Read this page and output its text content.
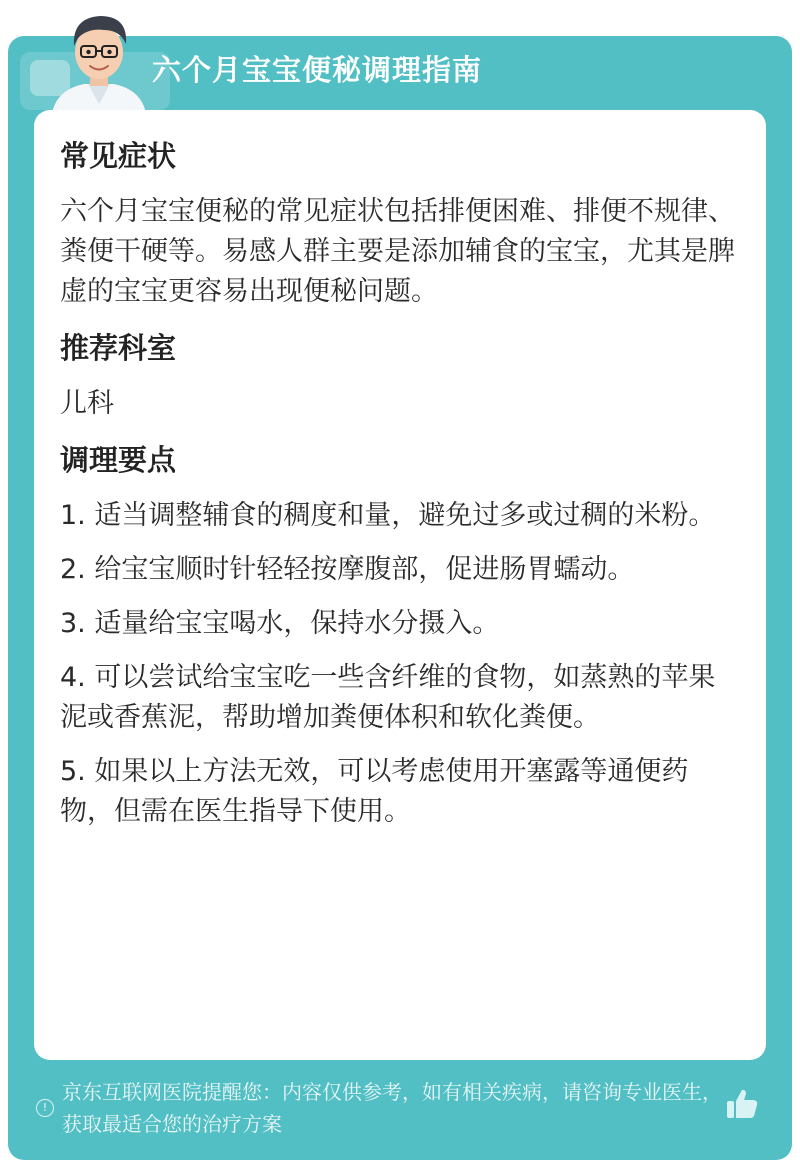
六个月宝宝便秘调理指南
常见症状
六个月宝宝便秘的常见症状包括排便困难、排便不规律、粪便干硬等。易感人群主要是添加辅食的宝宝，尤其是脾虚的宝宝更容易出现便秘问题。
推荐科室
儿科
调理要点
1. 适当调整辅食的稠度和量，避免过多或过稠的米粉。
2. 给宝宝顺时针轻轻按摩腹部，促进肠胃蠕动。
3. 适量给宝宝喝水，保持水分摄入。
4. 可以尝试给宝宝吃一些含纤维的食物，如蒸熟的苹果泥或香蕉泥，帮助增加粪便体积和软化粪便。
5. 如果以上方法无效，可以考虑使用开塞露等通便药物，但需在医生指导下使用。
!
京东互联网医院提醒您：内容仅供参考，如有相关疾病，请咨询专业医生，获取最适合您的治疗方案
